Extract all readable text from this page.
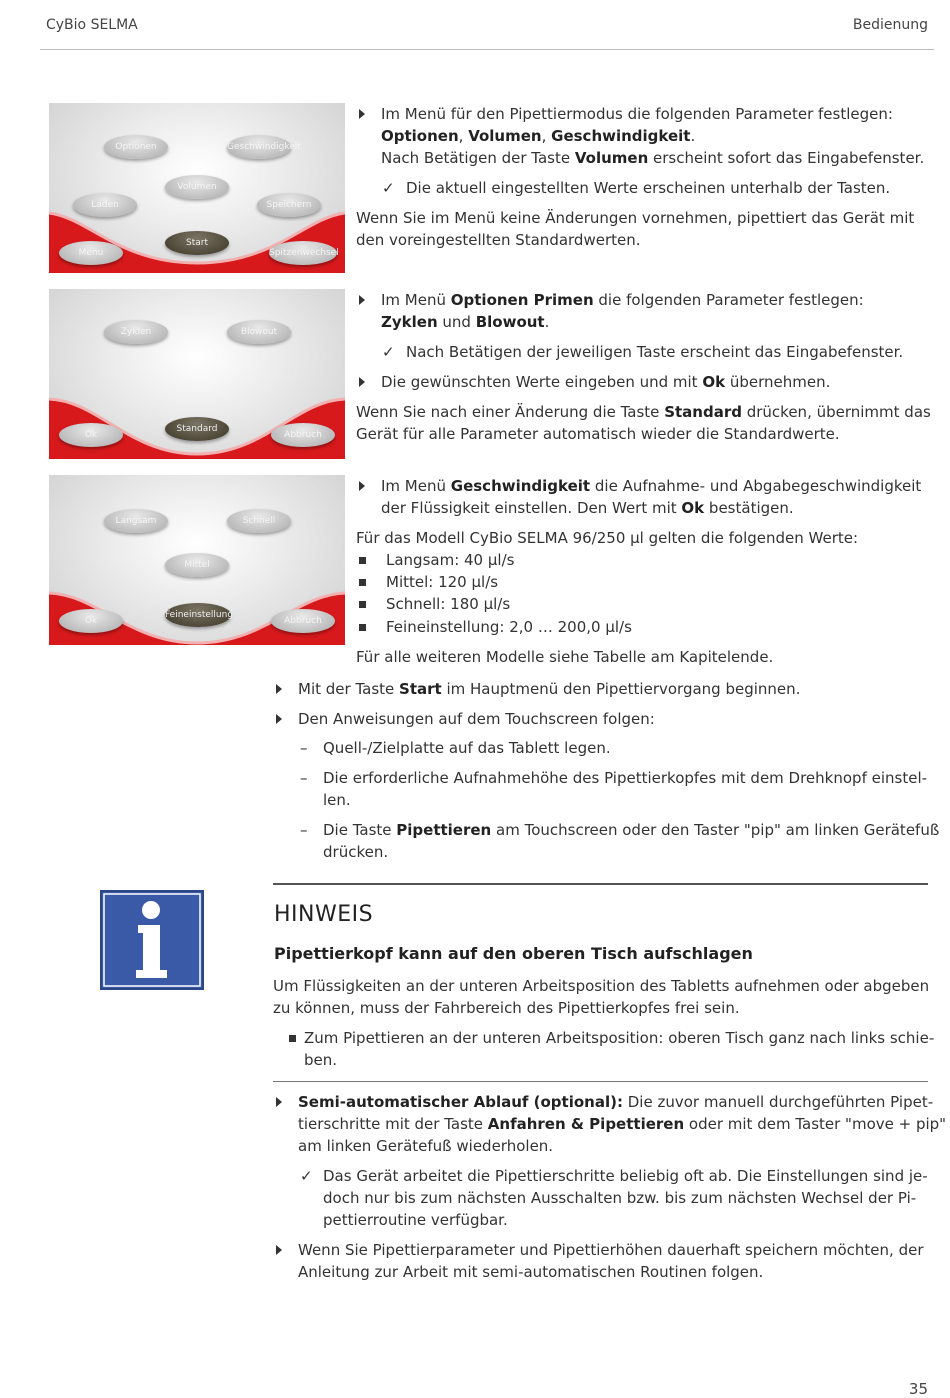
CyBio SELMA	Bedienung
Optionen	Geschwindigkeit
Volumen
Laden	Speichern
Start
Menu	Spitzenwechsel
Zyklen	Blowout
Standard
Ok	Abbruch
Langsam	Schnell
Mittel
Feineinstellung
Ok	Abbruch
Im Menü für den Pipettiermodus die folgenden Parameter festlegen:
Optionen, Volumen, Geschwindigkeit.
Nach Betätigen der Taste Volumen erscheint sofort das Eingabefenster.
✓ Die aktuell eingestellten Werte erscheinen unterhalb der Tasten.
Wenn Sie im Menü keine Änderungen vornehmen, pipettiert das Gerät mit
den voreingestellten Standardwerten.
Im Menü Optionen Primen die folgenden Parameter festlegen:
Zyklen und Blowout.
✓ Nach Betätigen der jeweiligen Taste erscheint das Eingabefenster.
Die gewünschten Werte eingeben und mit Ok übernehmen.
Wenn Sie nach einer Änderung die Taste Standard drücken, übernimmt das
Gerät für alle Parameter automatisch wieder die Standardwerte.
Im Menü Geschwindigkeit die Aufnahme- und Abgabegeschwindigkeit
der Flüssigkeit einstellen. Den Wert mit Ok bestätigen.
Für das Modell CyBio SELMA 96/250 µl gelten die folgenden Werte:
Langsam: 40 µl/s
Mittel: 120 µl/s
Schnell: 180 µl/s
Feineinstellung: 2,0 … 200,0 µl/s
Für alle weiteren Modelle siehe Tabelle am Kapitelende.
Mit der Taste Start im Hauptmenü den Pipettiervorgang beginnen.
Den Anweisungen auf dem Touchscreen folgen:
– Quell-/Zielplatte auf das Tablett legen.
– Die erforderliche Aufnahmehöhe des Pipettierkopfes mit dem Drehknopf einstel-
len.
– Die Taste Pipettieren am Touchscreen oder den Taster "pip" am linken Gerätefuß
drücken.
HINWEIS
Pipettierkopf kann auf den oberen Tisch aufschlagen
Um Flüssigkeiten an der unteren Arbeitsposition des Tabletts aufnehmen oder abgeben
zu können, muss der Fahrbereich des Pipettierkopfes frei sein.
Zum Pipettieren an der unteren Arbeitsposition: oberen Tisch ganz nach links schie-
ben.
Semi-automatischer Ablauf (optional): Die zuvor manuell durchgeführten Pipet-
tierschritte mit der Taste Anfahren & Pipettieren oder mit dem Taster "move + pip"
am linken Gerätefuß wiederholen.
✓ Das Gerät arbeitet die Pipettierschritte beliebig oft ab. Die Einstellungen sind je-
doch nur bis zum nächsten Ausschalten bzw. bis zum nächsten Wechsel der Pi-
pettierroutine verfügbar.
Wenn Sie Pipettierparameter und Pipettierhöhen dauerhaft speichern möchten, der
Anleitung zur Arbeit mit semi-automatischen Routinen folgen.
35
